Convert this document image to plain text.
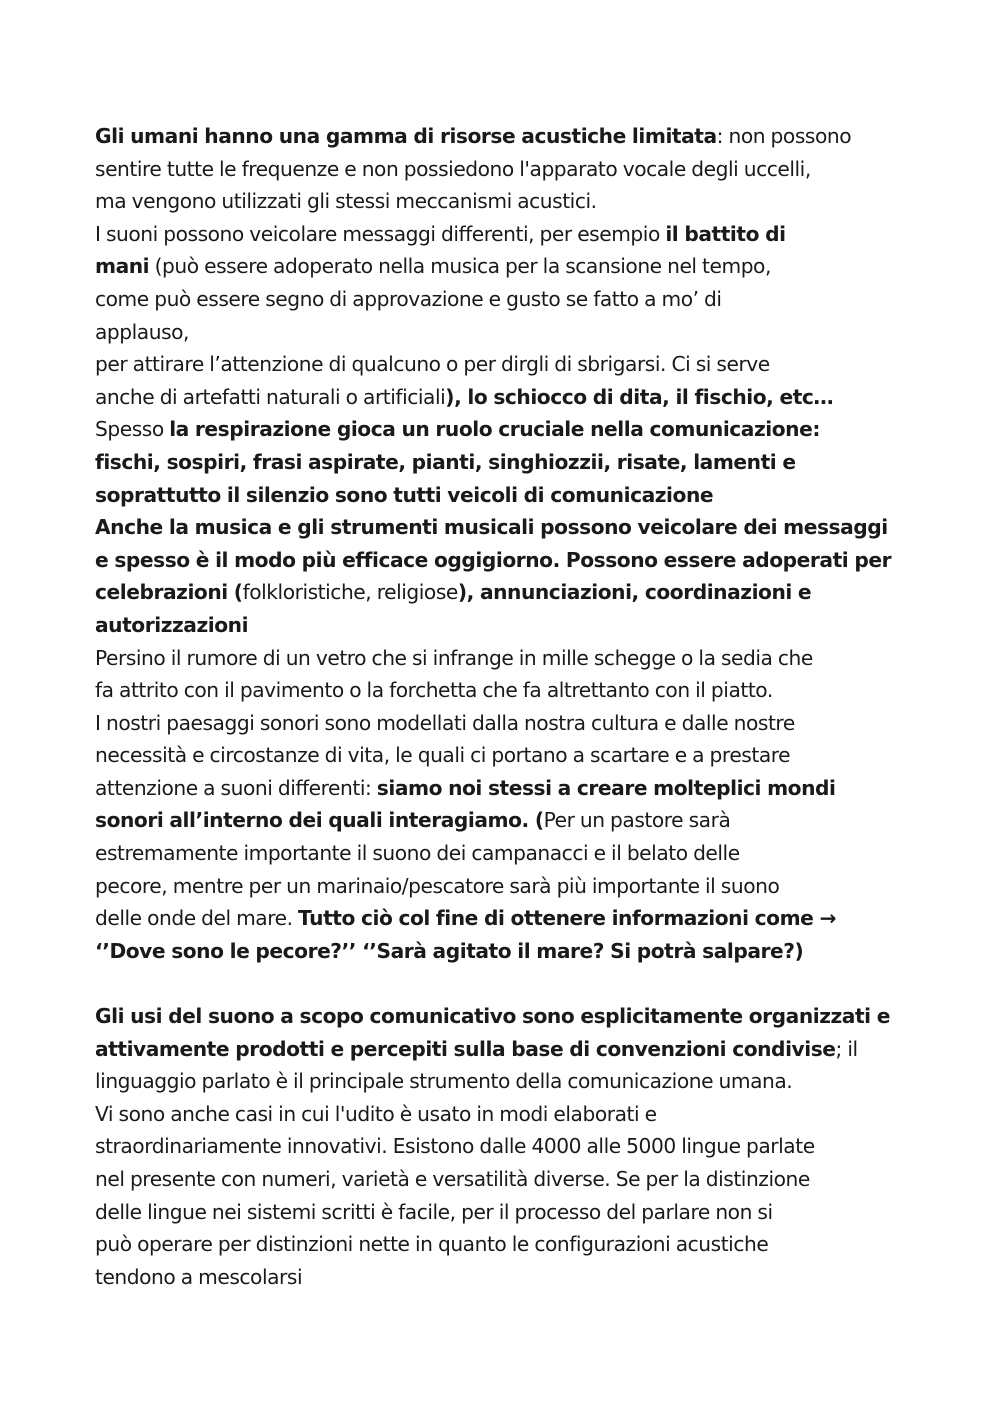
Gli umani hanno una gamma di risorse acustiche limitata: non possono
sentire tutte le frequenze e non possiedono l'apparato vocale degli uccelli,
ma vengono utilizzati gli stessi meccanismi acustici.
I suoni possono veicolare messaggi differenti, per esempio il battito di
mani (può essere adoperato nella musica per la scansione nel tempo,
come può essere segno di approvazione e gusto se fatto a mo’ di
applauso,
per attirare l’attenzione di qualcuno o per dirgli di sbrigarsi. Ci si serve
anche di artefatti naturali o artificiali), lo schiocco di dita, il fischio, etc…
Spesso la respirazione gioca un ruolo cruciale nella comunicazione:
fischi, sospiri, frasi aspirate, pianti, singhiozzii, risate, lamenti e
soprattutto il silenzio sono tutti veicoli di comunicazione
Anche la musica e gli strumenti musicali possono veicolare dei messaggi
e spesso è il modo più efficace oggigiorno. Possono essere adoperati per
celebrazioni (folkloristiche, religiose), annunciazioni, coordinazioni e
autorizzazioni
Persino il rumore di un vetro che si infrange in mille schegge o la sedia che
fa attrito con il pavimento o la forchetta che fa altrettanto con il piatto.
I nostri paesaggi sonori sono modellati dalla nostra cultura e dalle nostre
necessità e circostanze di vita, le quali ci portano a scartare e a prestare
attenzione a suoni differenti: siamo noi stessi a creare molteplici mondi
sonori all’interno dei quali interagiamo. (Per un pastore sarà
estremamente importante il suono dei campanacci e il belato delle
pecore, mentre per un marinaio/pescatore sarà più importante il suono
delle onde del mare. Tutto ciò col fine di ottenere informazioni come →
‘’Dove sono le pecore?’’ ‘’Sarà agitato il mare? Si potrà salpare?)
Gli usi del suono a scopo comunicativo sono esplicitamente organizzati e
attivamente prodotti e percepiti sulla base di convenzioni condivise; il
linguaggio parlato è il principale strumento della comunicazione umana.
Vi sono anche casi in cui l'udito è usato in modi elaborati e
straordinariamente innovativi. Esistono dalle 4000 alle 5000 lingue parlate
nel presente con numeri, varietà e versatilità diverse. Se per la distinzione
delle lingue nei sistemi scritti è facile, per il processo del parlare non si
può operare per distinzioni nette in quanto le configurazioni acustiche
tendono a mescolarsi
